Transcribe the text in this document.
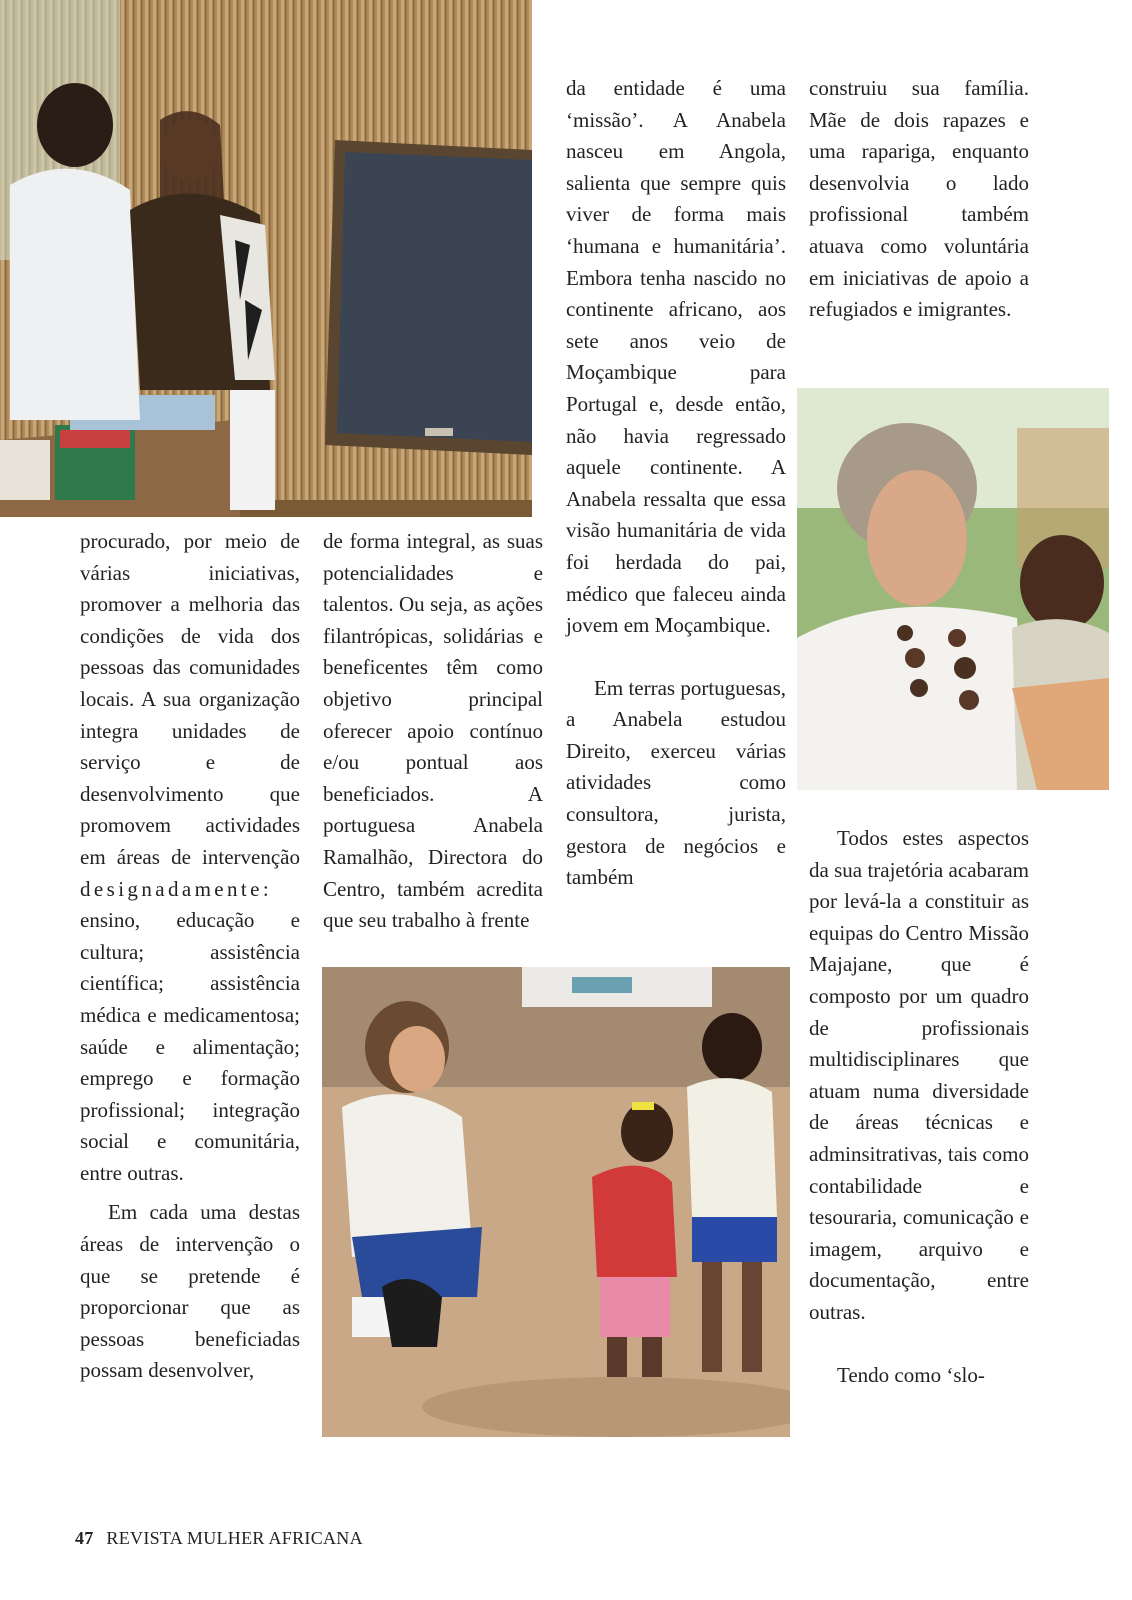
procurado, por meio de várias iniciativas, promover a melhoria das condições de vida dos pessoas das comunidades locais. A sua organização integra unidades de serviço e de desenvolvimento que promovem actividades em áreas de intervenção designadamente: ensino, educação e cultura; assistência científica; assistência médica e medicamentosa; saúde e alimentação; emprego e formação profissional; integração social e comunitária, entre outras.

Em cada uma destas áreas de intervenção o que se pretende é proporcionar que as pessoas beneficiadas possam desenvolver,

de forma integral, as suas potencialidades e talentos. Ou seja, as ações filantrópicas, solidárias e beneficentes têm como objetivo principal oferecer apoio contínuo e/ou pontual aos beneficiados. A portuguesa Anabela Ramalhão, Directora do Centro, também acredita que seu trabalho à frente

da entidade é uma ‘missão’. A Anabela nasceu em Angola, salienta que sempre quis viver de forma mais ‘humana e humanitária’. Embora tenha nascido no continente africano, aos sete anos veio de Moçambique para Portugal e, desde então, não havia regressado aquele continente. A Anabela ressalta que essa visão humanitária de vida foi herdada do pai, médico que faleceu ainda jovem em Moçambique.

Em terras portuguesas, a Anabela estudou Direito, exerceu várias atividades como consultora, jurista, gestora de negócios e também

construiu sua família. Mãe de dois rapazes e uma rapariga, enquanto desenvolvia o lado profissional também atuava como voluntária em iniciativas de apoio a refugiados e imigrantes.

Todos estes aspectos da sua trajetória acabaram por levá-la a constituir as equipas do Centro Missão Majajane, que é composto por um quadro de profissionais multidisciplinares que atuam numa diversidade de áreas técnicas e adminsitrativas, tais como contabilidade e tesouraria, comunicação e imagem, arquivo e documentação, entre outras.

Tendo como ‘slo-

47 REVISTA MULHER AFRICANA
